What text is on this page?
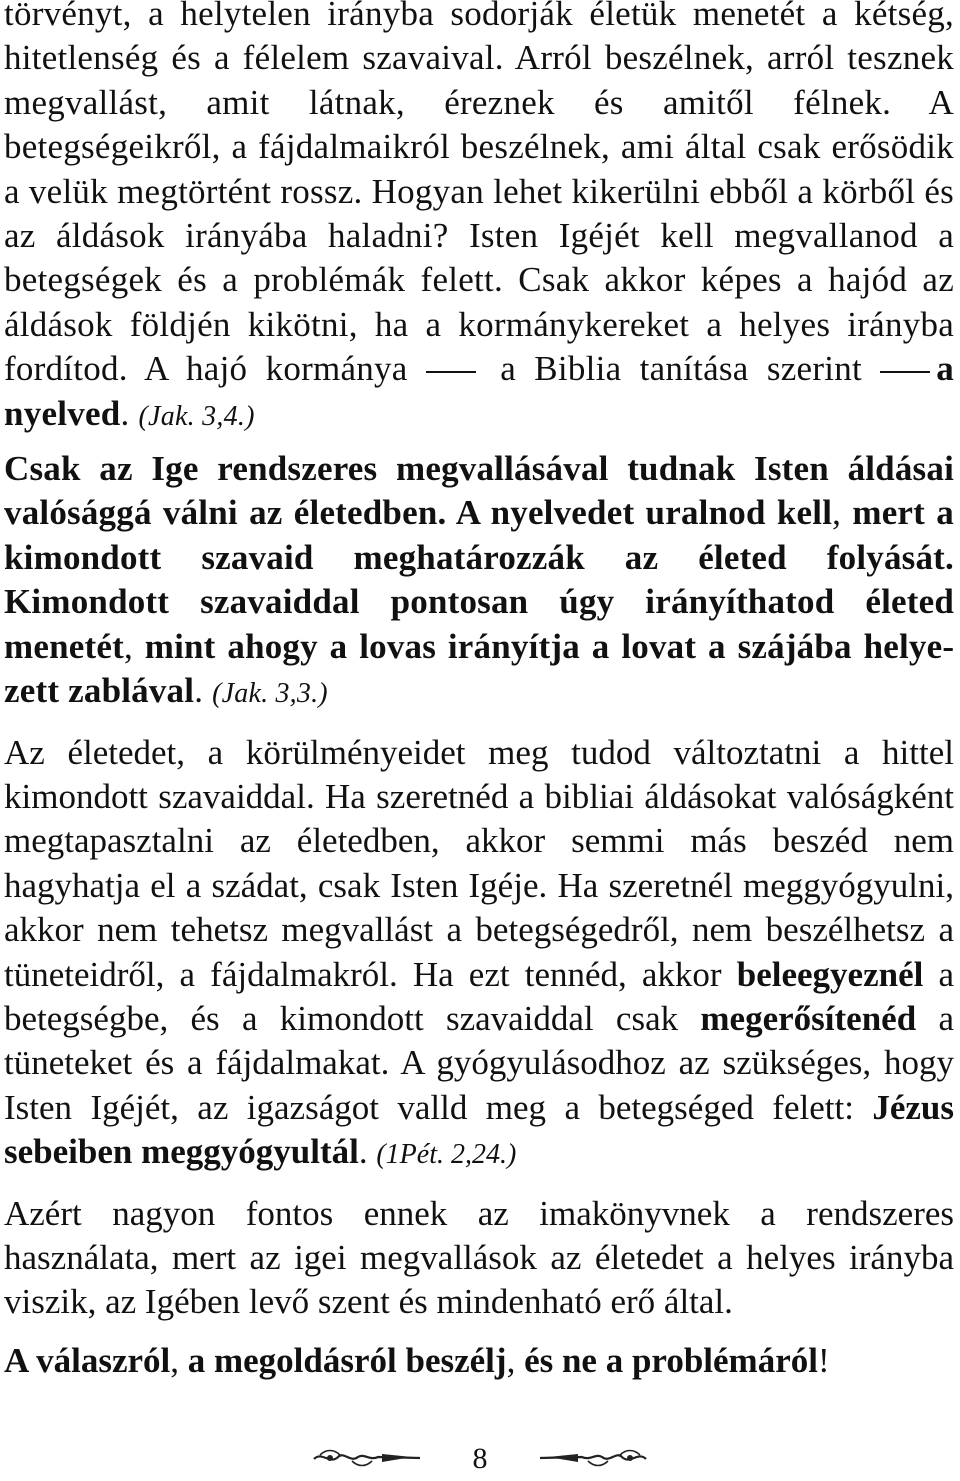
törvényt, a helytelen irányba sodorják életük menetét a kétség, hitetlenség és a félelem szavaival. Arról beszélnek, arról tesznek megvallást, amit látnak, éreznek és amitől félnek. A betegségeikről, a fájdalmaikról beszélnek, ami által csak erősödik a velük megtörtént rossz. Hogyan lehet kikerülni ebből a körből és az áldások irányába haladni? Isten Igéjét kell megvallanod a betegségek és a problémák felett. Csak akkor képes a hajód az áldások földjén kikötni, ha a kormánykereket a helyes irányba fordítod. A hajó kormánya  a Biblia tanítása szerint a nyelved. (Jak. 3,4.)

Csak az Ige rendszeres megvallásával tudnak Isten áldásai valósággá válni az életedben. A nyelvedet uralnod kell, mert a kimondott szavaid meghatározzák az életed folyását. Kimondott szavaiddal pontosan úgy irányíthatod életed menetét, mint ahogy a lovas irányítja a lovat a szájába helyezett zablával. (Jak. 3,3.)

Az életedet, a körülményeidet meg tudod változtatni a hittel kimondott szavaiddal. Ha szeretnéd a bibliai áldásokat valóságként megtapasztalni az életedben, akkor semmi más beszéd nem hagyhatja el a szádat, csak Isten Igéje. Ha szeretnél meggyógyulni, akkor nem tehetsz megvallást a betegségedről, nem beszélhetsz a tüneteidről, a fájdalmakról. Ha ezt tennéd, akkor beleegyeznél a betegségbe, és a kimondott szavaiddal csak megerősítenéd a tüneteket és a fájdalmakat. A gyógyulásodhoz az szükséges, hogy Isten Igéjét, az igazságot valld meg a betegséged felett: Jézus sebeiben meggyógyultál. (1Pét. 2,24.)

Azért nagyon fontos ennek az imakönyvnek a rendszeres használata, mert az igei megvallások az életedet a helyes irányba viszik, az Igében levő szent és mindenható erő által.

A válaszról, a megoldásról beszélj, és ne a problémáról!

8
